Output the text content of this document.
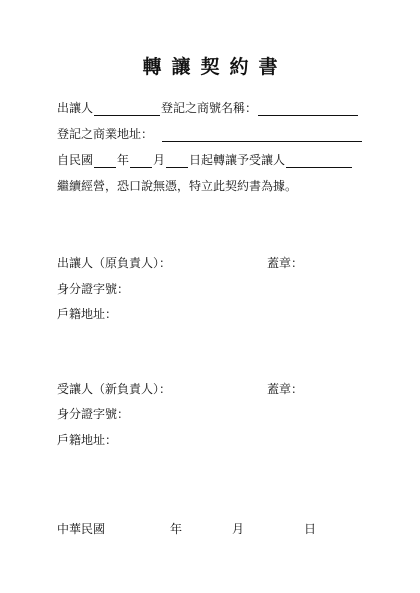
轉讓契約書
出讓人	登記之商號名稱：
登記之商業地址：
自民國 年 月 日起轉讓予受讓人
繼續經營，恐口說無憑，特立此契約書為據。
出讓人（原負責人）：	蓋章：
身分證字號：
戶籍地址：
受讓人（新負責人）：	蓋章：
身分證字號：
戶籍地址：
中華民國	年	月	日
